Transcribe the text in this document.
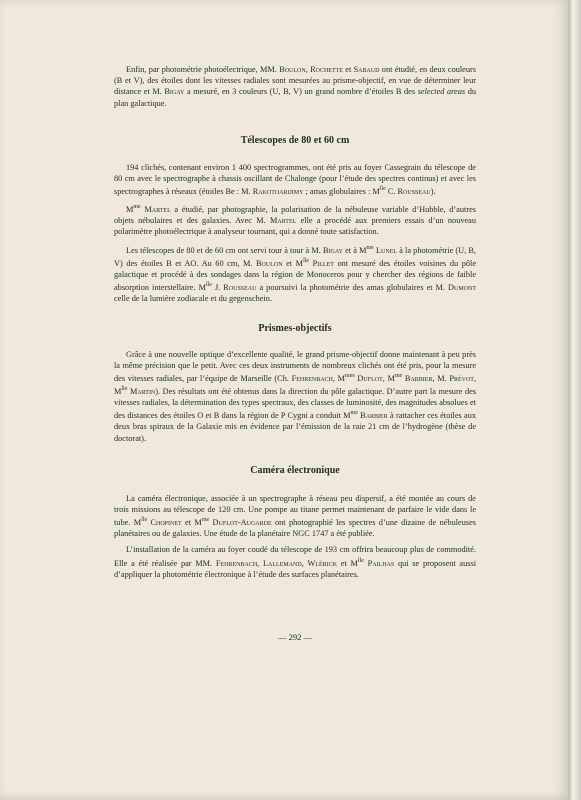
Enfin, par photométrie photoélectrique, MM. Boulon, Rochette et Sabaud ont étudié, en deux couleurs (B et V), des étoiles dont les vitesses radiales sont mesurées au prisme-objectif, en vue de déterminer leur distance et M. Bigay a mesuré, en 3 couleurs (U, B, V) un grand nombre d’étoiles B des selected areas du plan galactique.

Télescopes de 80 et 60 cm

194 clichés, contenant environ 1 400 spectrogrammes, ont été pris au foyer Cassegrain du télescope de 80 cm avec le spectrographe à chassis oscillant de Chalonge (pour l’étude des spectres continus) et avec les spectrographes à réseaux (étoiles Be : M. Rakotoarijimy ; amas globulaires : $M^{lle}$ C. Rousseau).

$M^{me}$ Martel a étudié, par photographie, la polarisation de la nébuleuse variable d’Hubble, d’autres objets nébulaires et des galaxies. Avec M. Martel elle a procédé aux premiers essais d’un nouveau polarimètre photoélectrique à analyseur tournant, qui a donné toute satisfaction.

Les télescopes de 80 et de 60 cm ont servi tour à tour à M. Bigay et à $M^{me}$ Lunel à la photométrie (U, B, V) des étoiles B et AO. Au 60 cm, M. Boulon et $M^{lle}$ Pillet ont mesuré des étoiles voisines du pôle galactique et procédé à des sondages dans la région de Monoceros pour y chercher des régions de faible absorption interstellaire. $M^{lle}$ J. Rousseau a poursuivi la photométrie des amas globulaires et M. Dumont celle de la lumière zodiacale et du gegenschein.

Prismes-objectifs

Grâce à une nouvelle optique d’excellente qualité, le grand prisme-objectif donne maintenant à peu près la même précision que le petit. Avec ces deux instruments de nombreux clichés ont été pris, pour la mesure des vitesses radiales, par l’équipe de Marseille (Ch. Fehrenbach, $M^{mes}$ Duflot, $M^{me}$ Barbier, M. Prévot, $M^{lle}$ Martin). Des résultats ont été obtenus dans la direction du pôle galactique. D’autre part la mesure des vitesses radiales, la détermination des types spectraux, des classes de luminosité, des magnitudes absolues et des distances des étoiles O et B dans la région de P Cygni a conduit $M^{me}$ Barbier à rattacher ces étoiles aux deux bras spiraux de la Galaxie mis en évidence par l’émission de la raie 21 cm de l’hydrogène (thèse de doctorat).

Caméra électronique

La caméra électronique, associée à un spectrographe à réseau peu dispersif, a été montée au cours de trois missions au télescope de 120 cm. Une pompe au titane permet maintenant de parfaire le vide dans le tube. $M^{lle}$ Chopinet et $M^{me}$ Duflot-Augarde ont photographié les spectres d’une dizaine de nébuleuses planétaires ou de galaxies. Une étude de la planétaire NGC 1747 a été publiée.

L’installation de la caméra au foyer coudé du télescope de 193 cm offrira beaucoup plus de commodité. Elle a été réalisée par MM. Fehrenbach, Lallemand, Wlérick et $M^{lle}$ Pailhas qui se proposent aussi d’appliquer la photométrie électronique à l’étude des surfaces planétaires.

— 292 —
